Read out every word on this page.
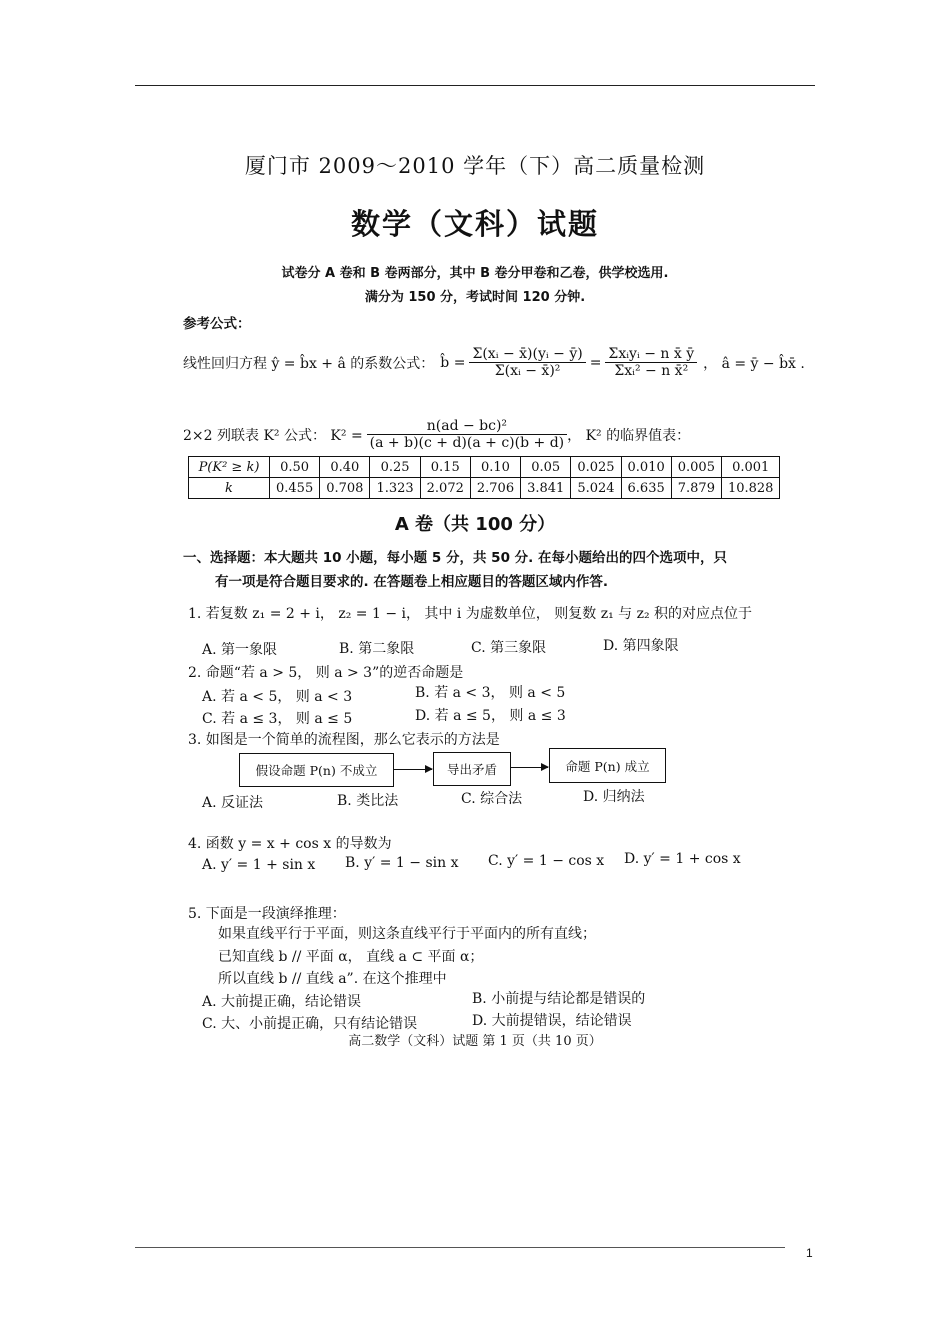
厦门市 2009～2010 学年（下）高二质量检测
数学（文科）试题
试卷分 A 卷和 B 卷两部分，其中 B 卷分甲卷和乙卷，供学校选用.
满分为 150 分，考试时间 120 分钟.
参考公式：
线性回归方程 ŷ = b̂x + â 的系数公式： b̂ = $\frac{\text{Σ(xᵢ − x̄)(yᵢ − ȳ)}}{\text{Σ(xᵢ − x̄)²}} = \frac{\text{Σxᵢyᵢ − n x̄ ȳ}}{\text{Σxᵢ² − n x̄²}}$ ， â = ȳ − b̂x̄ .
2×2 列联表 K² 公式： $K^2 = \frac{\text{n(ad − bc)²}}{(a + b)(c + d)(a + c)(b + d)}$ ， K² 的临界值表：
P(K² ≥ k)	0.50	0.40	0.25	0.15	0.10	0.05	0.025	0.010	0.005	0.001
k	0.455	0.708	1.323	2.072	2.706	3.841	5.024	6.635	7.879	10.828
A 卷（共 100 分）
一、选择题：本大题共 10 小题，每小题 5 分，共 50 分. 在每小题给出的四个选项中，只
有一项是符合题目要求的. 在答题卷上相应题目的答题区域内作答.
1. 若复数 z₁ = 2 + i， z₂ = 1 − i， 其中 i 为虚数单位， 则复数 z₁ 与 z₂ 积的对应点位于
A. 第一象限	B. 第二象限	C. 第三象限	D. 第四象限
2. 命题“若 a > 5， 则 a > 3”的逆否命题是
A. 若 a < 5， 则 a < 3	B. 若 a < 3， 则 a < 5
C. 若 a ≤ 3， 则 a ≤ 5	D. 若 a ≤ 5， 则 a ≤ 3
3. 如图是一个简单的流程图，那么它表示的方法是
假设命题 P(n) 不成立	导出矛盾	命题 P(n) 成立
A. 反证法	B. 类比法	C. 综合法	D. 归纳法
4. 函数 y = x + cos x 的导数为
A. y′ = 1 + sin x B. y′ = 1 − sin x C. y′ = 1 − cos x D. y′ = 1 + cos x
5. 下面是一段演绎推理：
如果直线平行于平面，则这条直线平行于平面内的所有直线；
已知直线 b // 平面 α， 直线 a ⊂ 平面 α；
所以直线 b // 直线 a”. 在这个推理中
A. 大前提正确，结论错误	B. 小前提与结论都是错误的
C. 大、小前提正确，只有结论错误	D. 大前提错误，结论错误
高二数学（文科）试题 第 1 页（共 10 页）
1
